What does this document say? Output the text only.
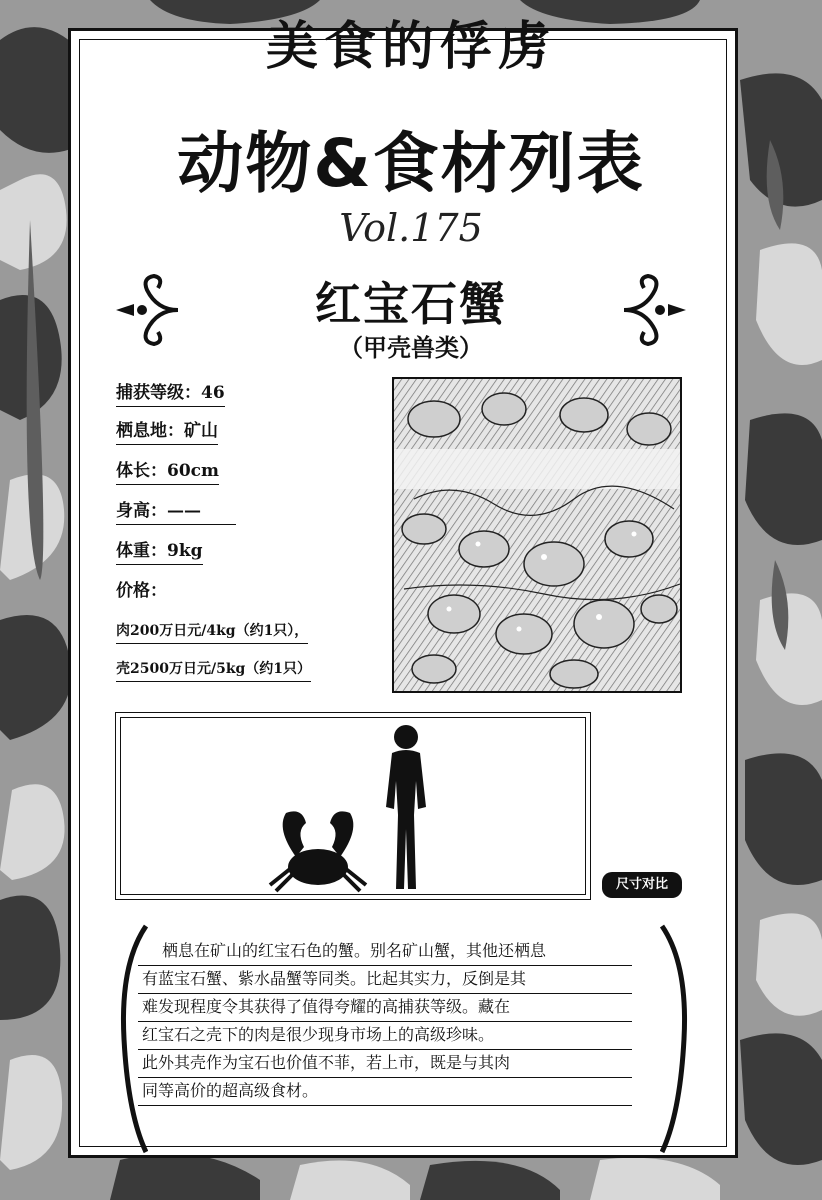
美食的俘虏
动物&食材列表
Vol.175
红宝石蟹
（甲壳兽类）
捕获等级：46
栖息地：矿山
体长：60cm
身高：——
体重：9kg
价格：
肉200万日元/4kg（约1只），
壳2500万日元/5kg（约1只）
尺寸对比
栖息在矿山的红宝石色的蟹。别名矿山蟹，其他还栖息
有蓝宝石蟹、紫水晶蟹等同类。比起其实力，反倒是其
难发现程度令其获得了值得夸耀的高捕获等级。藏在
红宝石之壳下的肉是很少现身市场上的高级珍味。
此外其壳作为宝石也价值不菲，若上市，既是与其肉
同等高价的超高级食材。
